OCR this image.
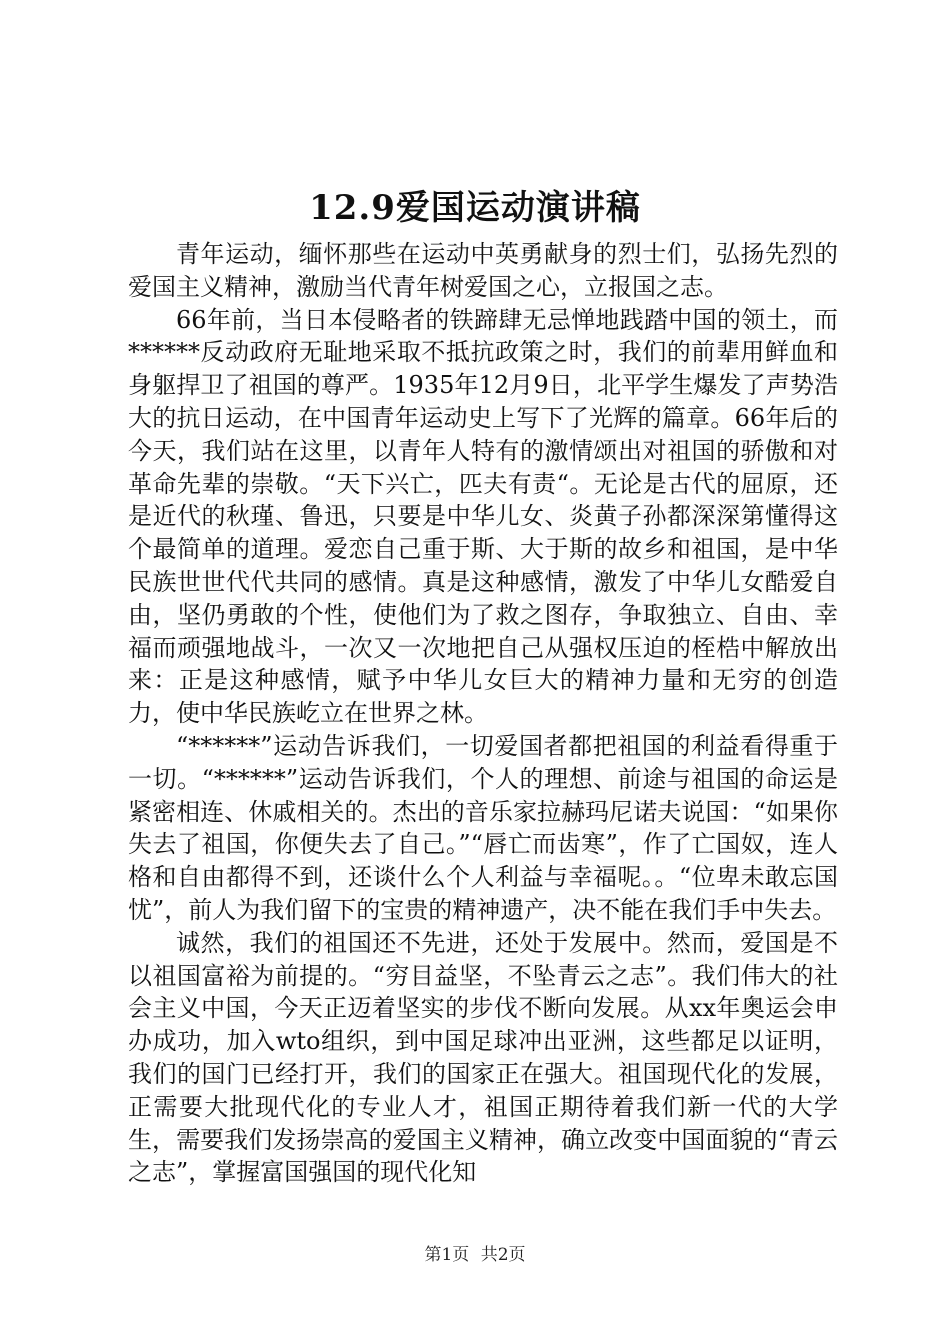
12.9爱国运动演讲稿

青年运动，缅怀那些在运动中英勇献身的烈士们，弘扬先烈的爱国主义精神，激励当代青年树爱国之心，立报国之志。

66年前，当日本侵略者的铁蹄肆无忌惮地践踏中国的领土，而******反动政府无耻地采取不抵抗政策之时，我们的前辈用鲜血和身躯捍卫了祖国的尊严。1935年12月9日，北平学生爆发了声势浩大的抗日运动，在中国青年运动史上写下了光辉的篇章。66年后的今天，我们站在这里，以青年人特有的激情颂出对祖国的骄傲和对革命先辈的崇敬。“天下兴亡，匹夫有责“。无论是古代的屈原，还是近代的秋瑾、鲁迅，只要是中华儿女、炎黄子孙都深深第懂得这个最简单的道理。爱恋自己重于斯、大于斯的故乡和祖国，是中华民族世世代代共同的感情。真是这种感情，激发了中华儿女酷爱自由，坚仍勇敢的个性，使他们为了救之图存，争取独立、自由、幸福而顽强地战斗，一次又一次地把自己从强权压迫的桎梏中解放出来：正是这种感情，赋予中华儿女巨大的精神力量和无穷的创造力，使中华民族屹立在世界之林。

“******”运动告诉我们，一切爱国者都把祖国的利益看得重于一切。“******”运动告诉我们，个人的理想、前途与祖国的命运是紧密相连、休戚相关的。杰出的音乐家拉赫玛尼诺夫说国：“如果你失去了祖国，你便失去了自己。”“唇亡而齿寒”，作了亡国奴，连人格和自由都得不到，还谈什么个人利益与幸福呢。。“位卑未敢忘国忧”，前人为我们留下的宝贵的精神遗产，决不能在我们手中失去。

诚然，我们的祖国还不先进，还处于发展中。然而，爱国是不以祖国富裕为前提的。“穷目益坚，不坠青云之志”。我们伟大的社会主义中国，今天正迈着坚实的步伐不断向发展。从xx年奥运会申办成功，加入wto组织，到中国足球冲出亚洲，这些都足以证明，我们的国门已经打开，我们的国家正在强大。祖国现代化的发展，正需要大批现代化的专业人才，祖国正期待着我们新一代的大学生，需要我们发扬崇高的爱国主义精神，确立改变中国面貌的“青云之志”，掌握富国强国的现代化知

第1页 共2页
